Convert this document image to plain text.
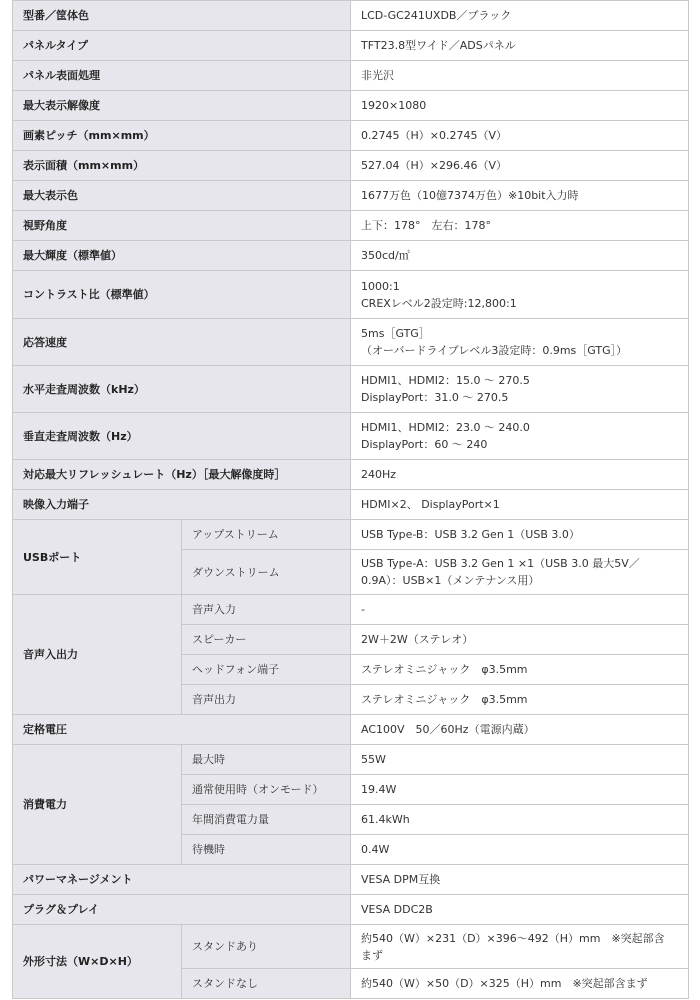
型番／筐体色		LCD-GC241UXDB／ブラック
パネルタイプ		TFT23.8型ワイド／ADSパネル
パネル表面処理		非光沢
最大表示解像度		1920×1080
画素ピッチ（mm×mm）		0.2745（H）×0.2745（V）
表示面積（mm×mm）		527.04（H）×296.46（V）
最大表示色		1677万色（10億7374万色）※10bit入力時
視野角度		上下：178°　左右：178°
最大輝度（標準値）		350cd/㎡
コントラスト比（標準値）		1000:1
CREXレベル2設定時:12,800:1

応答速度		5ms［GTG］
（オーバードライブレベル3設定時：0.9ms［GTG］）

水平走査周波数（kHz）		HDMI1、HDMI2：15.0 ～ 270.5
DisplayPort：31.0 ～ 270.5

垂直走査周波数（Hz）		HDMI1、HDMI2：23.0 ～ 240.0
DisplayPort：60 ～ 240

対応最大リフレッシュレート（Hz）［最大解像度時］		240Hz
映像入力端子		HDMI×2、 DisplayPort×1
USBポート	アップストリーム	USB Type-B：USB 3.2 Gen 1（USB 3.0）
	ダウンストリーム	USB Type-A：USB 3.2 Gen 1 ×1（USB 3.0 最大5V／
0.9A）：USB×1（メンテナンス用）

音声入出力	音声入力	-
	スピーカー	2W＋2W（ステレオ）
	ヘッドフォン端子	ステレオミニジャック　φ3.5mm
	音声出力	ステレオミニジャック　φ3.5mm
定格電圧		AC100V　50／60Hz（電源内蔵）
消費電力	最大時	55W
	通常使用時（オンモード）	19.4W
	年間消費電力量	61.4kWh
	待機時	0.4W
パワーマネージメント		VESA DPM互換
プラグ＆プレイ		VESA DDC2B
外形寸法（W×D×H）	スタンドあり	約540（W）×231（D）×396～492（H）mm　※突起部含
まず

	スタンドなし	約540（W）×50（D）×325（H）mm　※突起部含まず
